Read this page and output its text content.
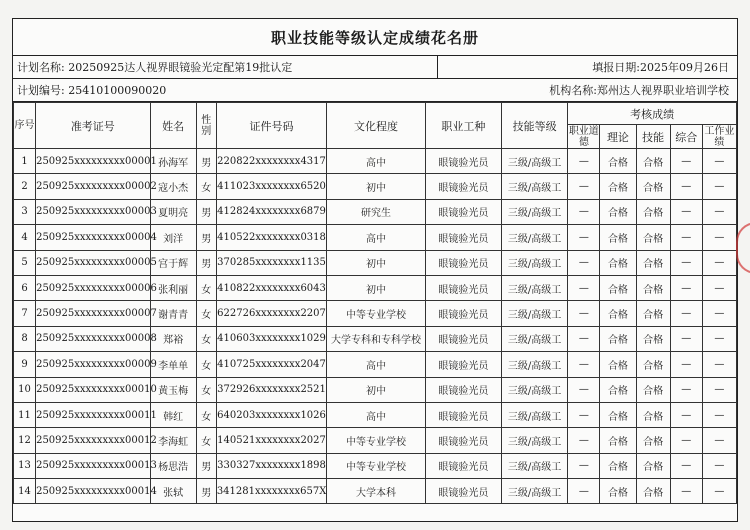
职业技能等级认定成绩花名册
计划名称: 20250925达人视界眼镜验光定配第19批认定	填报日期: 2025年09月26日
计划编号: 25410100090020	机构名称: 郑州达人视界职业培训学校
序号	准考证号	姓名	性别	证件号码	文化程度	职业工种	技能等级	考核成绩				
								职业道德	理论	技能	综合	工作业绩
1	250925xxxxxxxxx00001	孙海军	男	220822xxxxxxxx4317	高中	眼镜验光员	三级/高级工	—	合格	合格	—	—
2	250925xxxxxxxxx00002	寇小杰	女	411023xxxxxxxx6520	初中	眼镜验光员	三级/高级工	—	合格	合格	—	—
3	250925xxxxxxxxx00003	夏明亮	男	412824xxxxxxxx6879	研究生	眼镜验光员	三级/高级工	—	合格	合格	—	—
4	250925xxxxxxxxx00004	刘洋	男	410522xxxxxxxx0318	高中	眼镜验光员	三级/高级工	—	合格	合格	—	—
5	250925xxxxxxxxx00005	宫于辉	男	370285xxxxxxxx1135	初中	眼镜验光员	三级/高级工	—	合格	合格	—	—
6	250925xxxxxxxxx00006	张利丽	女	410822xxxxxxxx6043	初中	眼镜验光员	三级/高级工	—	合格	合格	—	—
7	250925xxxxxxxxx00007	谢青青	女	622726xxxxxxxx2207	中等专业学校	眼镜验光员	三级/高级工	—	合格	合格	—	—
8	250925xxxxxxxxx00008	郑裕	女	410603xxxxxxxx1029	大学专科和专科学校	眼镜验光员	三级/高级工	—	合格	合格	—	—
9	250925xxxxxxxxx00009	李单单	女	410725xxxxxxxx2047	高中	眼镜验光员	三级/高级工	—	合格	合格	—	—
10	250925xxxxxxxxx00010	黄玉梅	女	372926xxxxxxxx2521	初中	眼镜验光员	三级/高级工	—	合格	合格	—	—
11	250925xxxxxxxxx00011	韩红	女	640203xxxxxxxx1026	高中	眼镜验光员	三级/高级工	—	合格	合格	—	—
12	250925xxxxxxxxx00012	李海虹	女	140521xxxxxxxx2027	中等专业学校	眼镜验光员	三级/高级工	—	合格	合格	—	—
13	250925xxxxxxxxx00013	杨思浩	男	330327xxxxxxxx1898	中等专业学校	眼镜验光员	三级/高级工	—	合格	合格	—	—
14	250925xxxxxxxxx00014	张轼	男	341281xxxxxxxx657X	大学本科	眼镜验光员	三级/高级工	—	合格	合格	—	—
